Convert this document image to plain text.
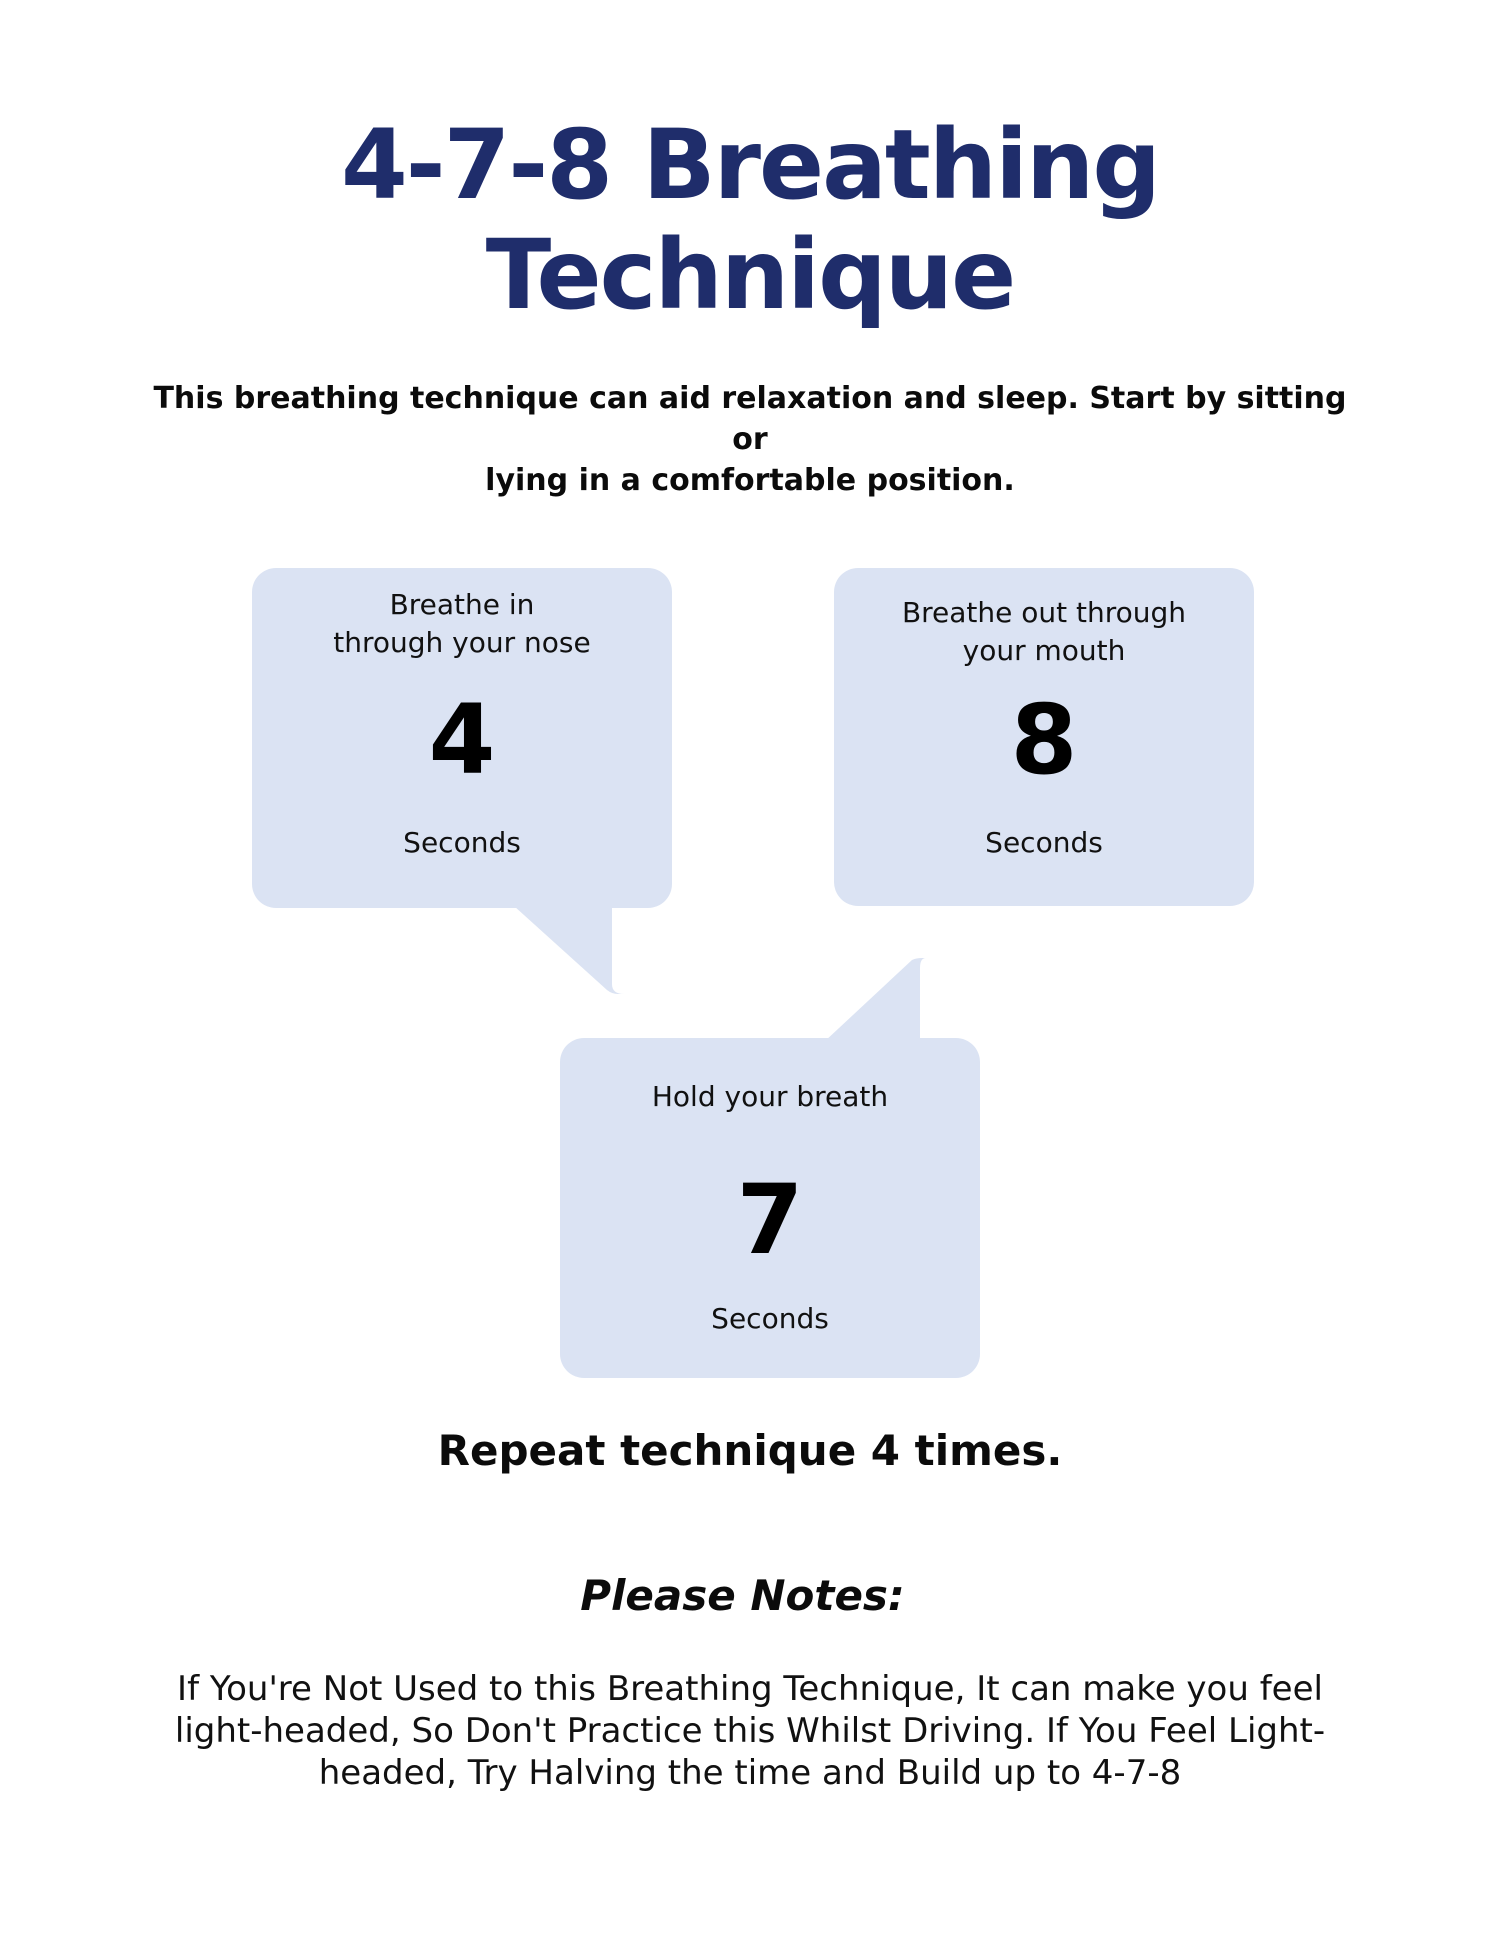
4-7-8 Breathing
Technique

This breathing technique can aid relaxation and sleep. Start by sitting or
lying in a comfortable position.

Breathe in
through your nose
4
Seconds
Breathe out through
your mouth
8
Seconds
Hold your breath
7
Seconds

Repeat technique 4 times.

Please Notes:

If You're Not Used to this Breathing Technique, It can make you feel light-headed, So Don't Practice this Whilst Driving. If You Feel Light-headed, Try Halving the time and Build up to 4-7-8
